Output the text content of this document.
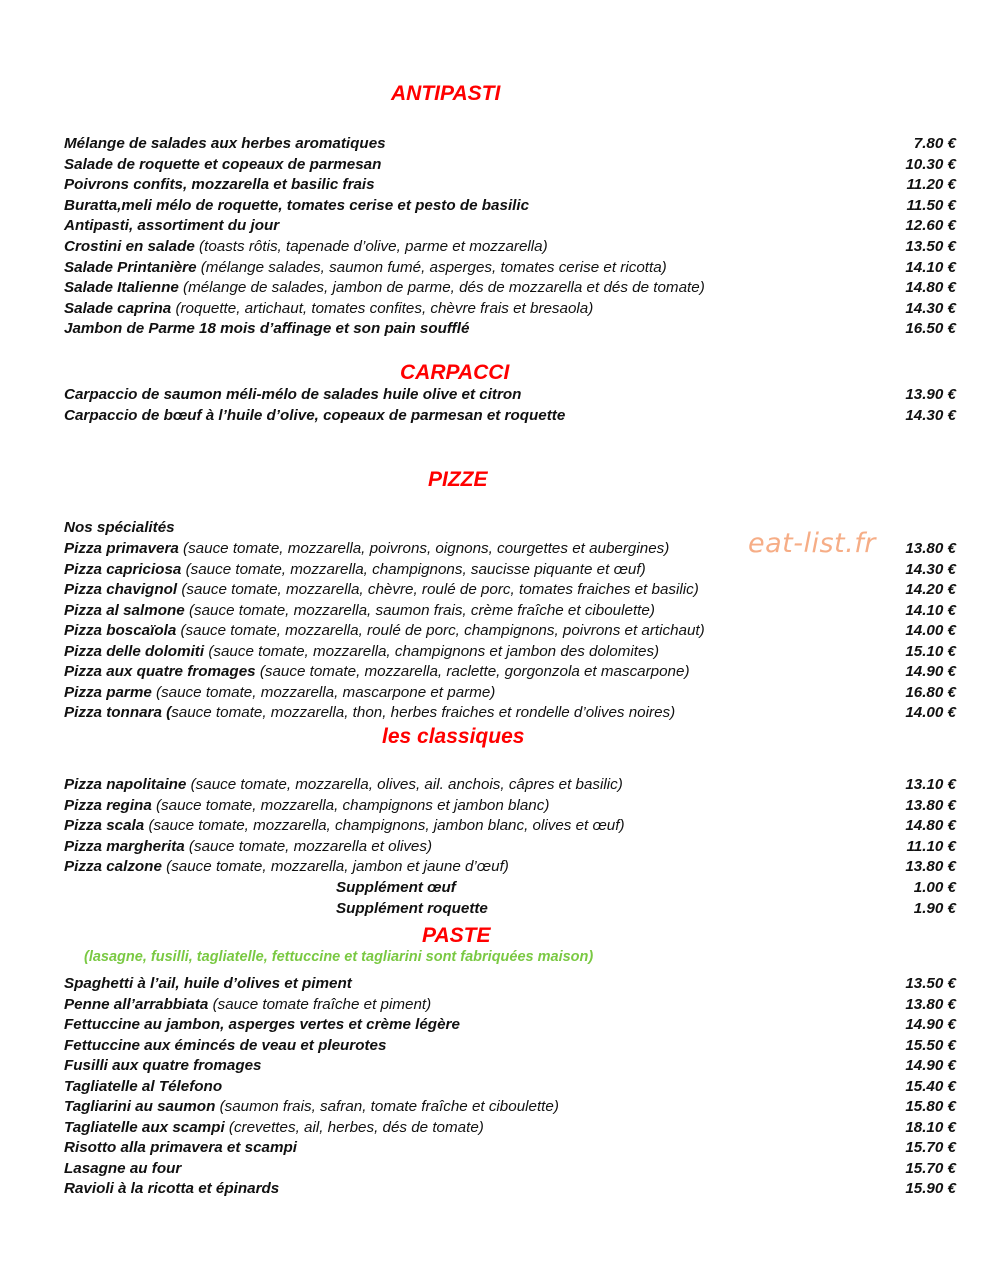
ANTIPASTI
Mélange de salades aux herbes aromatiques	7.80 €
Salade de roquette et copeaux de parmesan	10.30 €
Poivrons confits, mozzarella et basilic frais	11.20 €
Buratta,meli mélo de roquette, tomates cerise et pesto de basilic	11.50 €
Antipasti, assortiment du jour	12.60 €
Crostini en salade (toasts rôtis, tapenade d’olive, parme et mozzarella)	13.50 €
Salade Printanière (mélange salades, saumon fumé, asperges, tomates cerise et ricotta)	14.10 €
Salade Italienne (mélange de salades, jambon de parme, dés de mozzarella et dés de tomate)	14.80 €
Salade caprina (roquette, artichaut, tomates confites, chèvre frais et bresaola)	14.30 €
Jambon de Parme 18 mois d’affinage et son pain soufflé	16.50 €
CARPACCI
Carpaccio de saumon méli-mélo de salades huile olive et citron	13.90 €
Carpaccio de bœuf à l’huile d’olive, copeaux de parmesan et roquette	14.30 €
PIZZE
Nos spécialités
Pizza primavera (sauce tomate, mozzarella, poivrons, oignons, courgettes et aubergines)	13.80 €
Pizza capriciosa (sauce tomate, mozzarella, champignons, saucisse piquante et œuf)	14.30 €
Pizza chavignol (sauce tomate, mozzarella, chèvre, roulé de porc, tomates fraiches et basilic)	14.20 €
Pizza al salmone (sauce tomate, mozzarella, saumon frais, crème fraîche et ciboulette)	14.10 €
Pizza boscaïola (sauce tomate, mozzarella, roulé de porc, champignons, poivrons et artichaut)	14.00 €
Pizza delle dolomiti (sauce tomate, mozzarella, champignons et jambon des dolomites)	15.10 €
Pizza aux quatre fromages (sauce tomate, mozzarella, raclette, gorgonzola et mascarpone)	14.90 €
Pizza parme (sauce tomate, mozzarella, mascarpone et parme)	16.80 €
Pizza tonnara (sauce tomate, mozzarella, thon, herbes fraiches et rondelle d’olives noires)	14.00 €
les classiques
Pizza napolitaine (sauce tomate, mozzarella, olives, ail. anchois, câpres et basilic)	13.10 €
Pizza regina (sauce tomate, mozzarella, champignons et jambon blanc)	13.80 €
Pizza scala (sauce tomate, mozzarella, champignons, jambon blanc, olives et œuf)	14.80 €
Pizza margherita (sauce tomate, mozzarella et olives)	11.10 €
Pizza calzone (sauce tomate, mozzarella, jambon et jaune d’œuf)	13.80 €
Supplément œuf	1.00 €
Supplément roquette	1.90 €
PASTE
(lasagne, fusilli, tagliatelle, fettuccine et tagliarini sont fabriquées maison)
Spaghetti à l’ail, huile d’olives et piment	13.50 €
Penne all’arrabbiata (sauce tomate fraîche et piment)	13.80 €
Fettuccine au jambon, asperges vertes et crème légère	14.90 €
Fettuccine aux émincés de veau et pleurotes	15.50 €
Fusilli aux quatre fromages	14.90 €
Tagliatelle al Télefono	15.40 €
Tagliarini au saumon (saumon frais, safran, tomate fraîche et ciboulette)	15.80 €
Tagliatelle aux scampi (crevettes, ail, herbes, dés de tomate)	18.10 €
Risotto alla primavera et scampi	15.70 €
Lasagne au four	15.70 €
Ravioli à la ricotta et épinards	15.90 €
eat-list.fr
